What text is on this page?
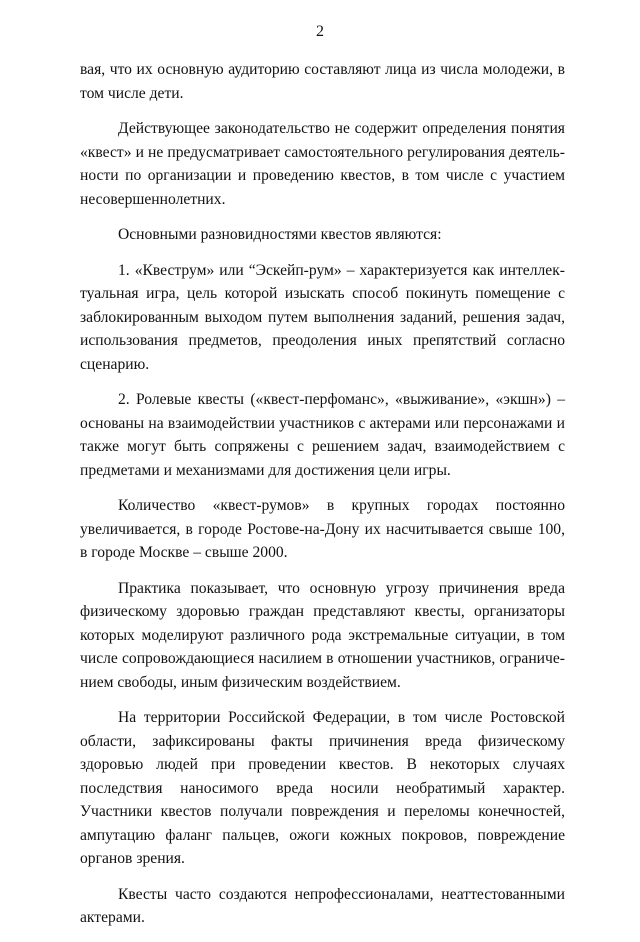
2

вая, что их основную аудиторию составляют лица из числа молодежи, в том числе дети.

Действующее законодательство не содержит определения понятия «квест» и не предусматривает самостоятельного регулирования деятельности по организации и проведению квестов, в том числе с участием несовершеннолетних.

Основными разновидностями квестов являются:

1. «Квеструм» или “Эскейп-рум» – характеризуется как интеллектуальная игра, цель которой изыскать способ покинуть помещение с заблокированным выходом путем выполнения заданий, решения задач, использования предметов, преодоления иных препятствий согласно сценарию.

2. Ролевые квесты («квест-перфоманс», «выживание», «экшн») – основаны на взаимодействии участников с актерами или персонажами и также могут быть сопряжены с решением задач, взаимодействием с предметами и механизмами для достижения цели игры.

Количество «квест-румов» в крупных городах постоянно увеличивается, в городе Ростове-на-Дону их насчитывается свыше 100, в городе Москве – свыше 2000.

Практика показывает, что основную угрозу причинения вреда физическому здоровью граждан представляют квесты, организаторы которых моделируют различного рода экстремальные ситуации, в том числе сопровождающиеся насилием в отношении участников, ограничением свободы, иным физическим воздействием.

На территории Российской Федерации, в том числе Ростовской области, зафиксированы факты причинения вреда физическому здоровью людей при проведении квестов. В некоторых случаях последствия наносимого вреда носили необратимый характер. Участники квестов получали повреждения и переломы конечностей, ампутацию фаланг пальцев, ожоги кожных покровов, повреждение органов зрения.

Квесты часто создаются непрофессионалами, неаттестованными актерами.
